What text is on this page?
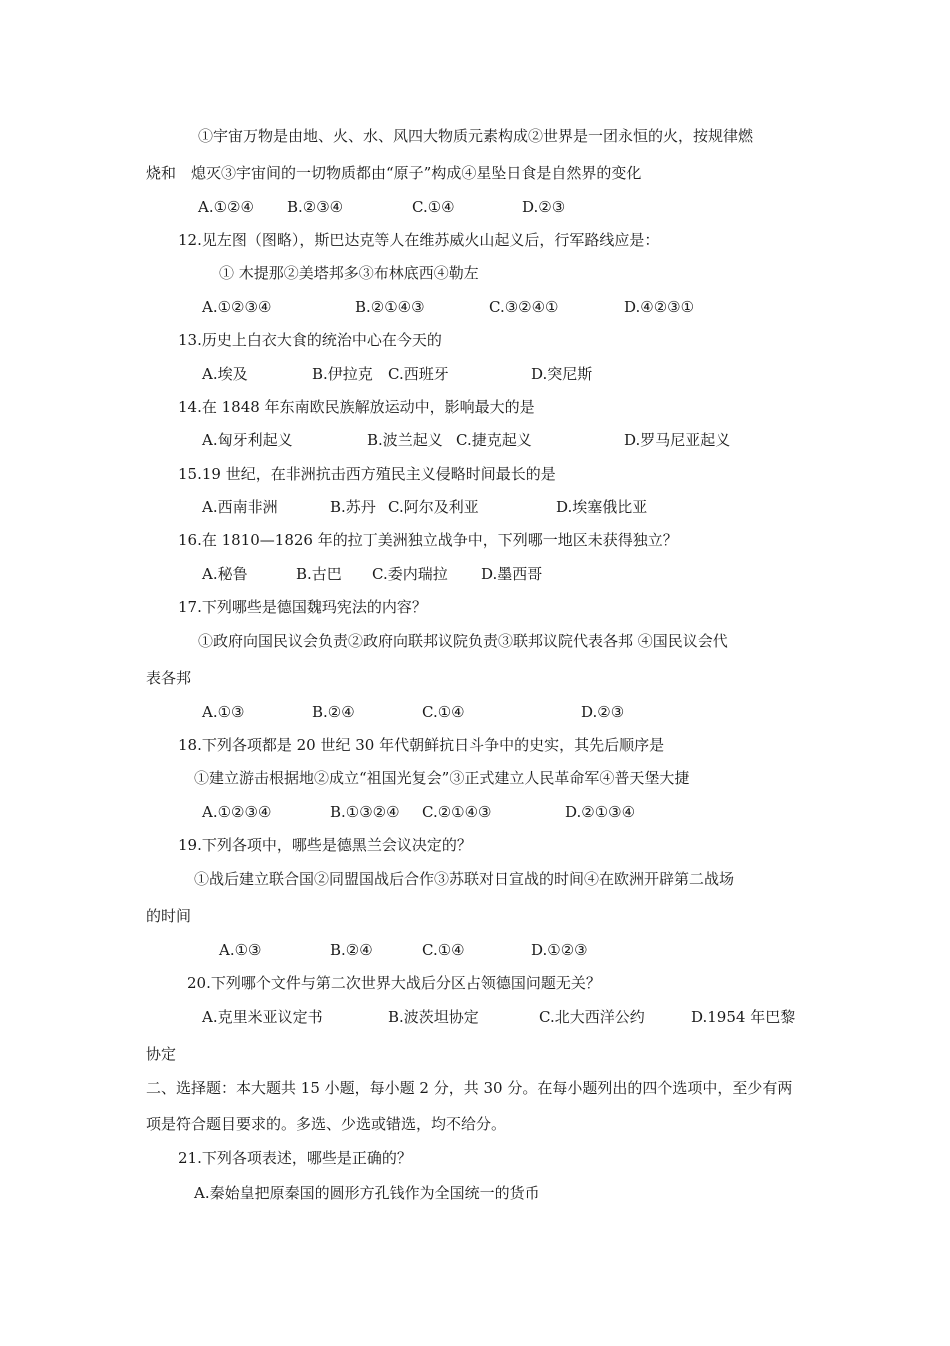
①宇宙万物是由地、火、水、风四大物质元素构成②世界是一团永恒的火，按规律燃
烧和　熄灭③宇宙间的一切物质都由“原子”构成④星坠日食是自然界的变化
A.①②④ B.②③④	C.①④	D.②③
12.见左图（图略），斯巴达克等人在维苏威火山起义后，行军路线应是：
① 木提那②美塔邦多③布林底西④勒左
A.①②③④	B.②①④③	C.③②④①	D.④②③①
13.历史上白衣大食的统治中心在今天的
A.埃及	B.伊拉克 C.西班牙	D.突尼斯
14.在 1848 年东南欧民族解放运动中，影响最大的是
A.匈牙利起义	B.波兰起义 C.捷克起义	D.罗马尼亚起义
15.19 世纪，在非洲抗击西方殖民主义侵略时间最长的是
A.西南非洲	B.苏丹 C.阿尔及利亚	D.埃塞俄比亚
16.在 1810—1826 年的拉丁美洲独立战争中，下列哪一地区未获得独立？
A.秘鲁	B.古巴 C.委内瑞拉 D.墨西哥
17.下列哪些是德国魏玛宪法的内容？
①政府向国民议会负责②政府向联邦议院负责③联邦议院代表各邦 ④国民议会代
表各邦
A.①③	B.②④	C.①④	D.②③
18.下列各项都是 20 世纪 30 年代朝鲜抗日斗争中的史实，其先后顺序是
①建立游击根据地②成立“祖国光复会”③正式建立人民革命军④普天堡大捷
A.①②③④	B.①③②④ C.②①④③	D.②①③④
19.下列各项中，哪些是德黑兰会议决定的？
①战后建立联合国②同盟国战后合作③苏联对日宣战的时间④在欧洲开辟第二战场
的时间
A.①③	B.②④	C.①④	D.①②③
20.下列哪个文件与第二次世界大战后分区占领德国问题无关？
A.克里米亚议定书	B.波茨坦协定	C.北大西洋公约	D.1954 年巴黎
协定
二、选择题：本大题共 15 小题，每小题 2 分，共 30 分。在每小题列出的四个选项中，至少有两
项是符合题目要求的。多选、少选或错选，均不给分。
21.下列各项表述，哪些是正确的？
A.秦始皇把原秦国的圆形方孔钱作为全国统一的货币
